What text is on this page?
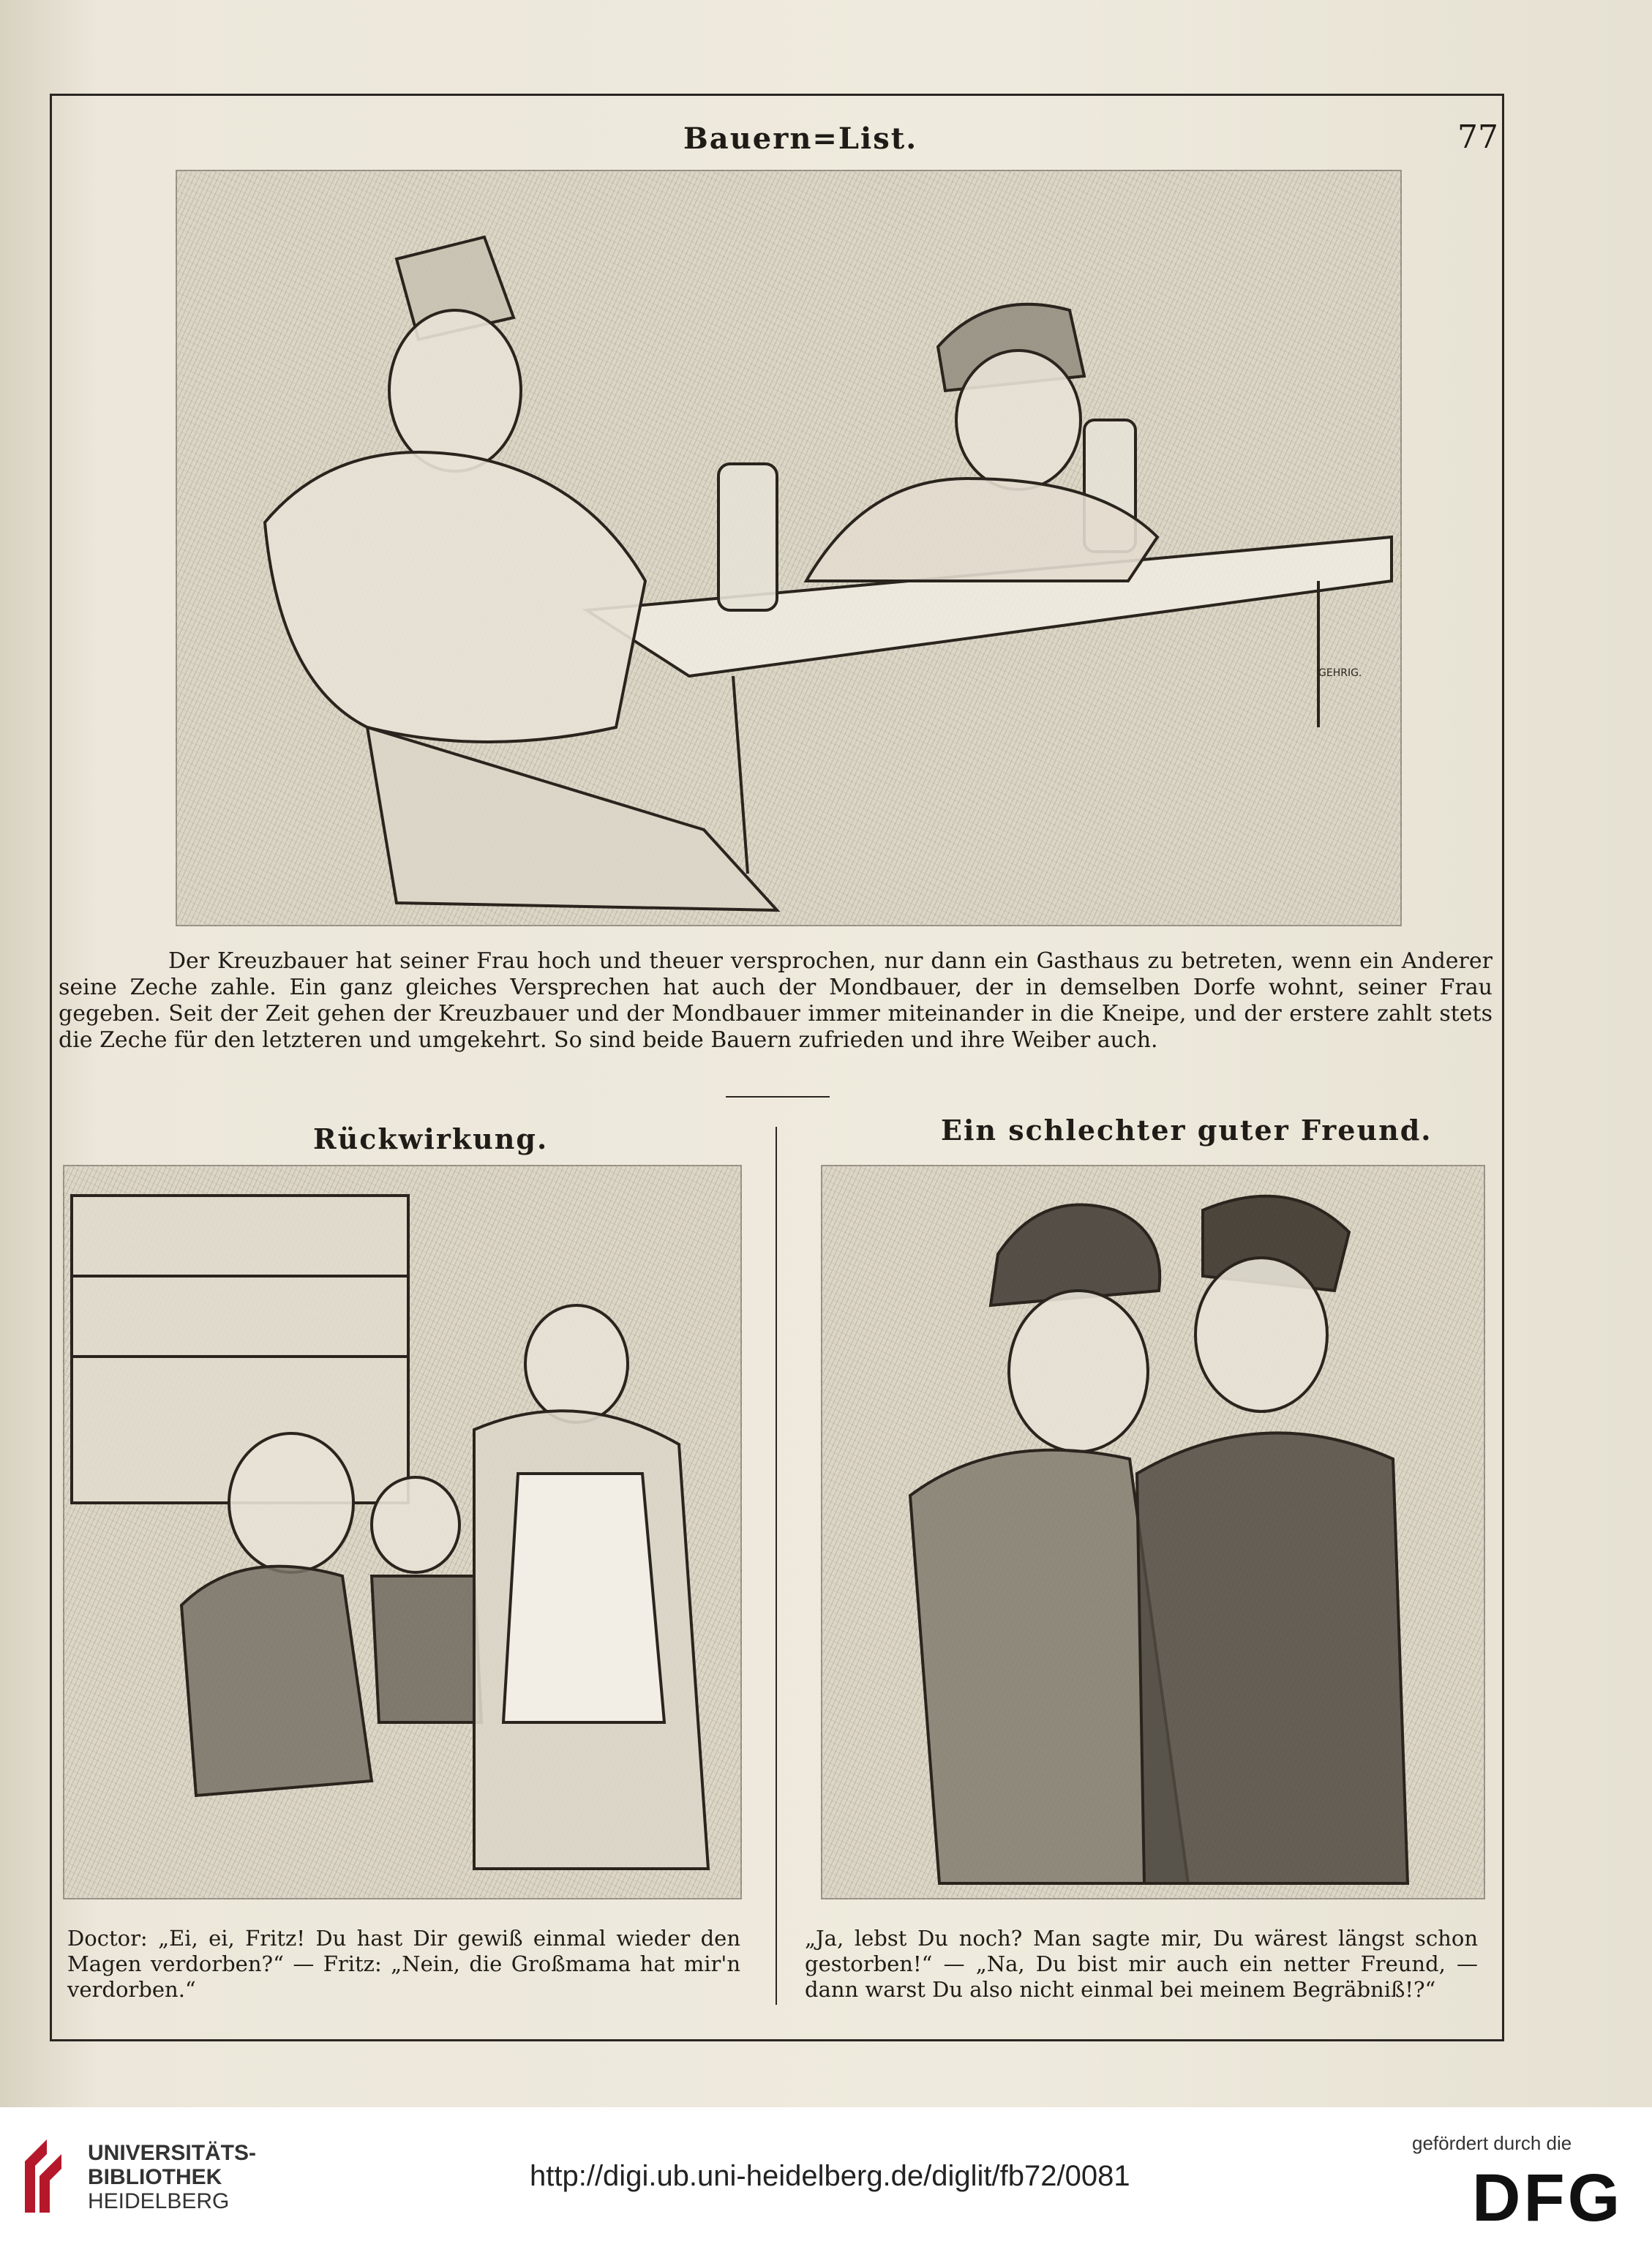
Bauern=List.	77
GEHRIG.

Der Kreuzbauer hat seiner Frau hoch und theuer versprochen, nur dann ein Gasthaus zu betreten, wenn ein Anderer seine Zeche zahle. Ein ganz gleiches Versprechen hat auch der Mondbauer, der in demselben Dorfe wohnt, seiner Frau gegeben. Seit der Zeit gehen der Kreuzbauer und der Mondbauer immer miteinander in die Kneipe, und der erstere zahlt stets die Zeche für den letzteren und umgekehrt. So sind beide Bauern zufrieden und ihre Weiber auch.

Rückwirkung.	Ein schlechter guter Freund.

Doctor: „Ei, ei, Fritz! Du hast Dir gewiß einmal wieder den Magen verdorben?“ — Fritz: „Nein, die Großmama hat mir'n verdorben.“

„Ja, lebst Du noch? Man sagte mir, Du wärest längst schon gestorben!“ — „Na, Du bist mir auch ein netter Freund, — dann warst Du also nicht einmal bei meinem Begräbniß!?“

UNIVERSITÄTS-
BIBLIOTHEK
HEIDELBERG
http://digi.ub.uni-heidelberg.de/diglit/fb72/0081
gefördert durch die
DFG
